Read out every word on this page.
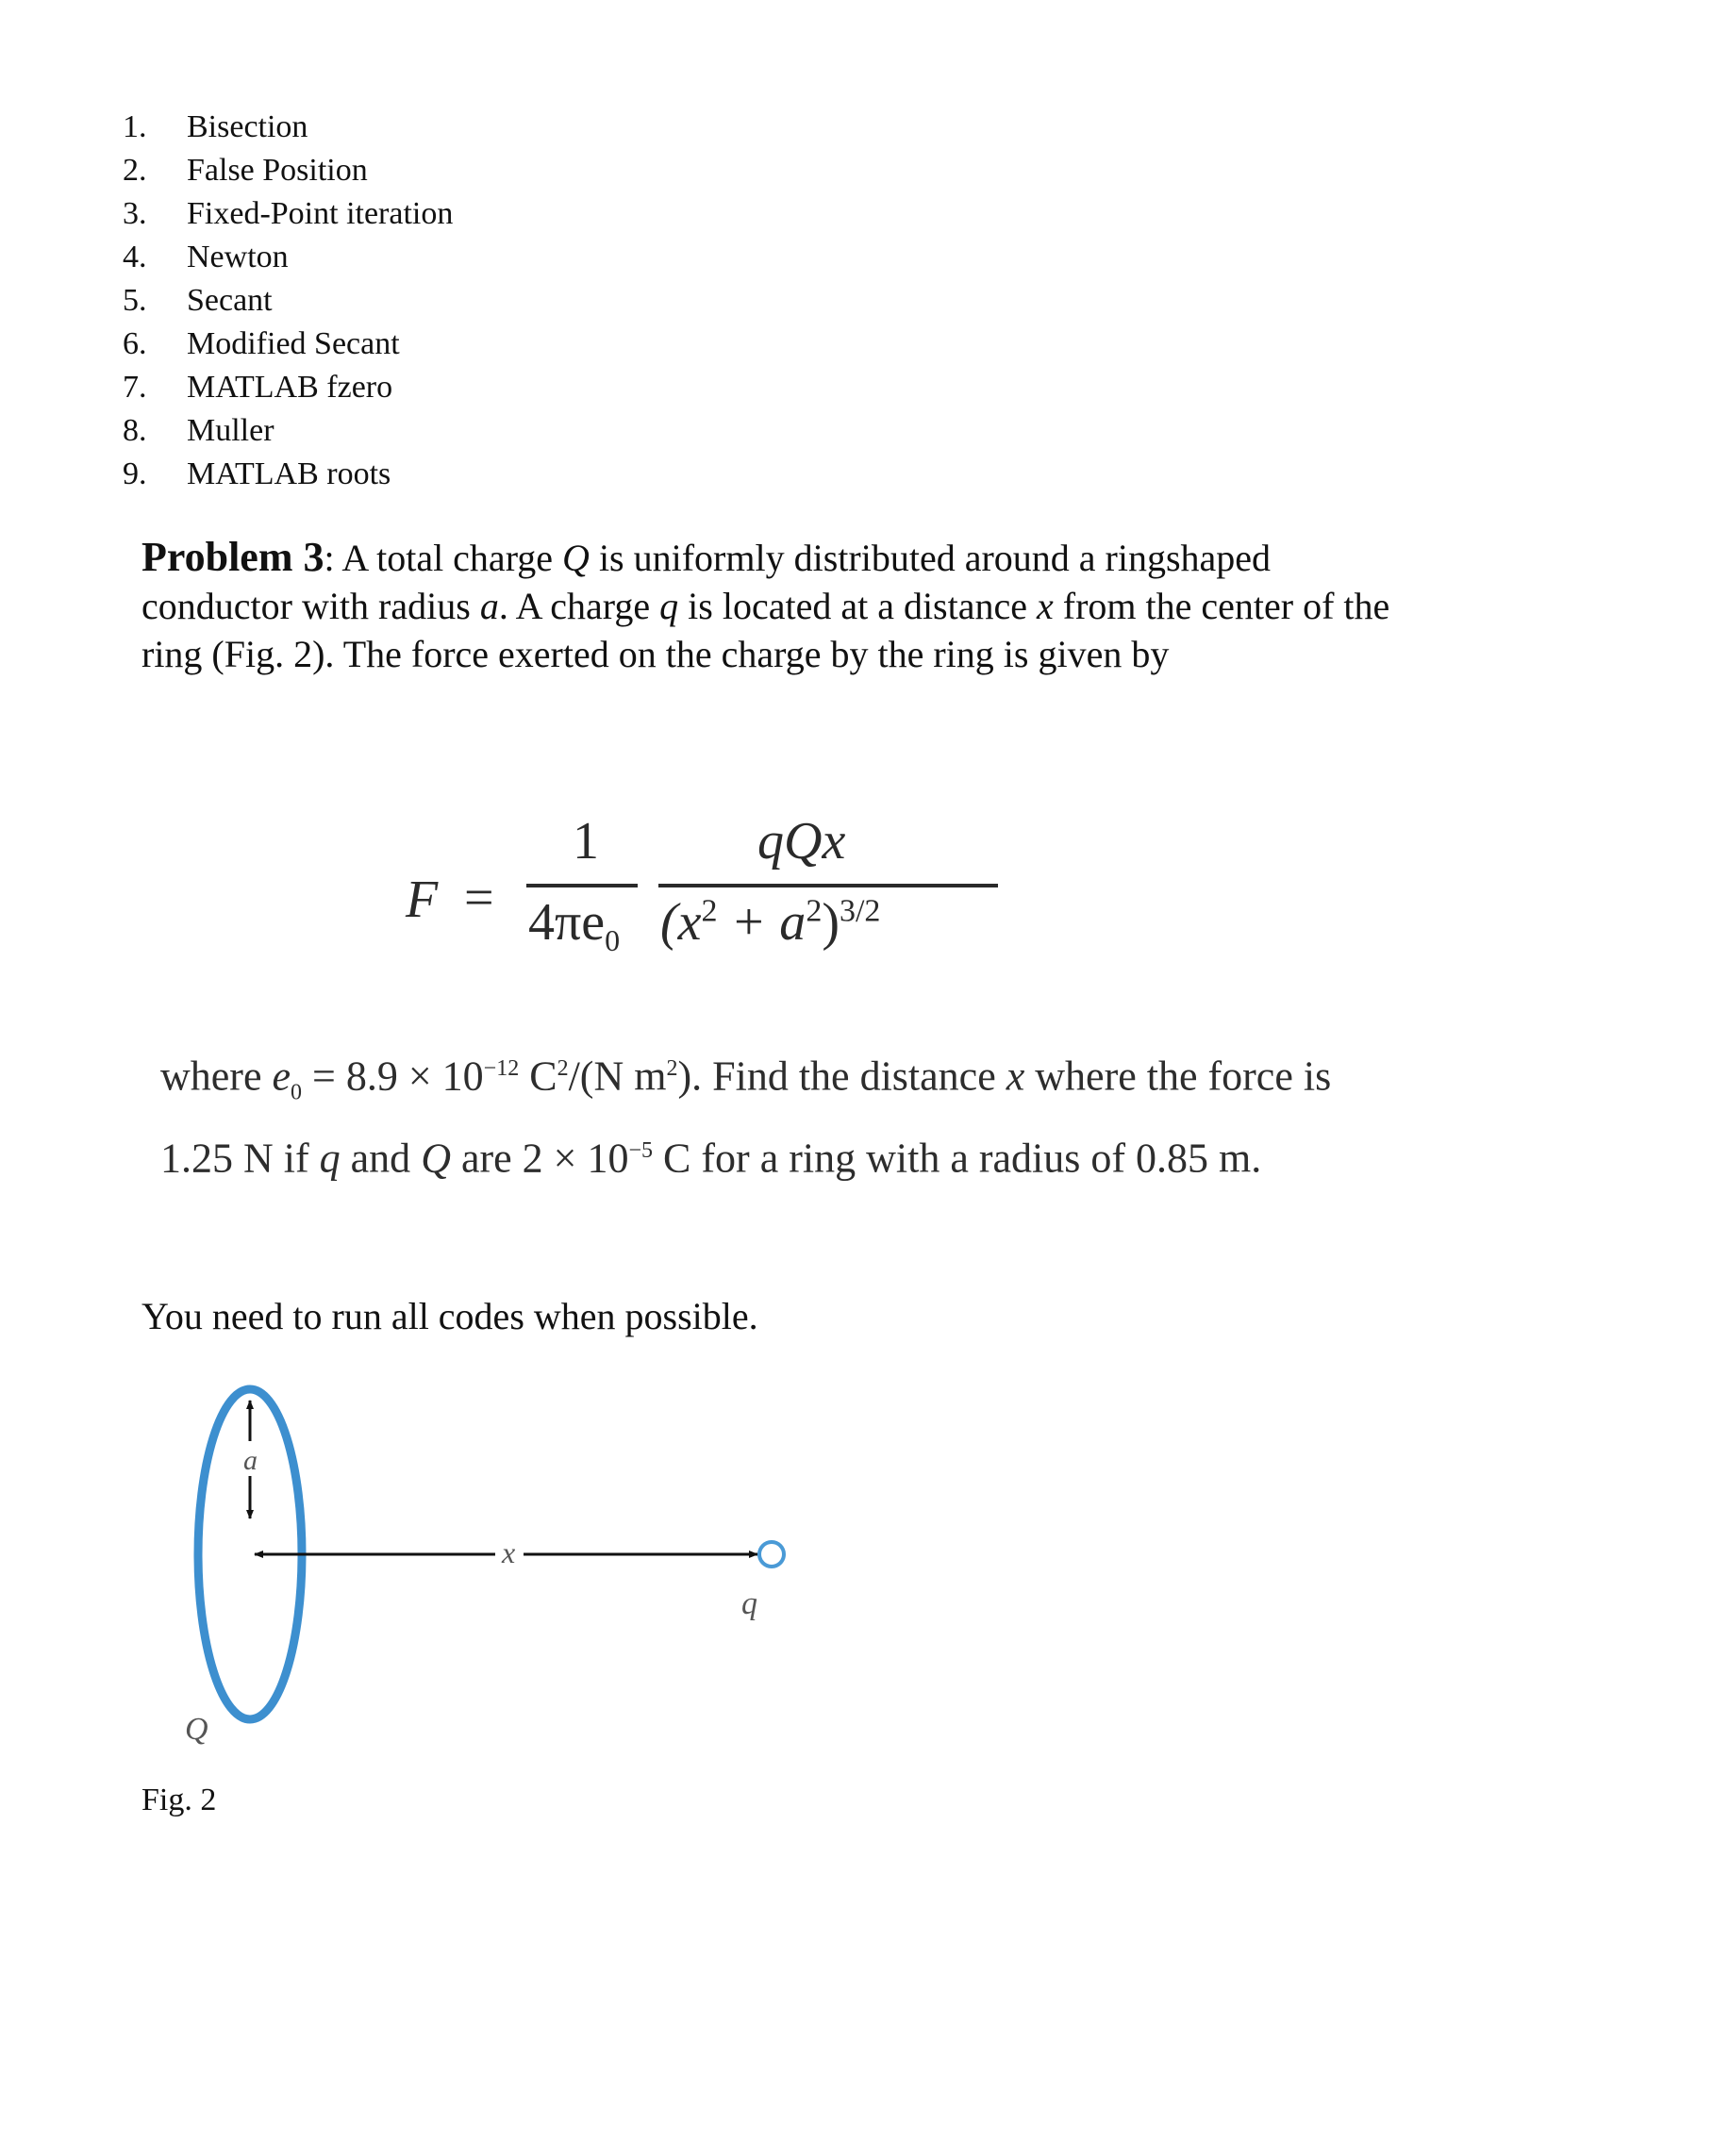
1.	Bisection
2.	False Position
3.	Fixed-Point iteration
4.	Newton
5.	Secant
6.	Modified Secant
7.	MATLAB fzero
8.	Muller
9.	MATLAB roots

Problem 3: A total charge Q is uniformly distributed around a ringshaped conductor with radius a. A charge q is located at a distance x from the center of the ring (Fig. 2). The force exerted on the charge by the ring is given by

F =
1
$4\pi e_0$
qQx
$(x^2 + a^2)^{3/2}$

where $e_0 = 8.9 \times 10^{-12}$ $C^2/(N$ $m^2$). Find the distance x where the force is 1.25 N if q and Q are $2 \times 10^{-5}$ C for a ring with a radius of 0.85 m.

You need to run all codes when possible.

a
x
q
Q

Fig. 2
